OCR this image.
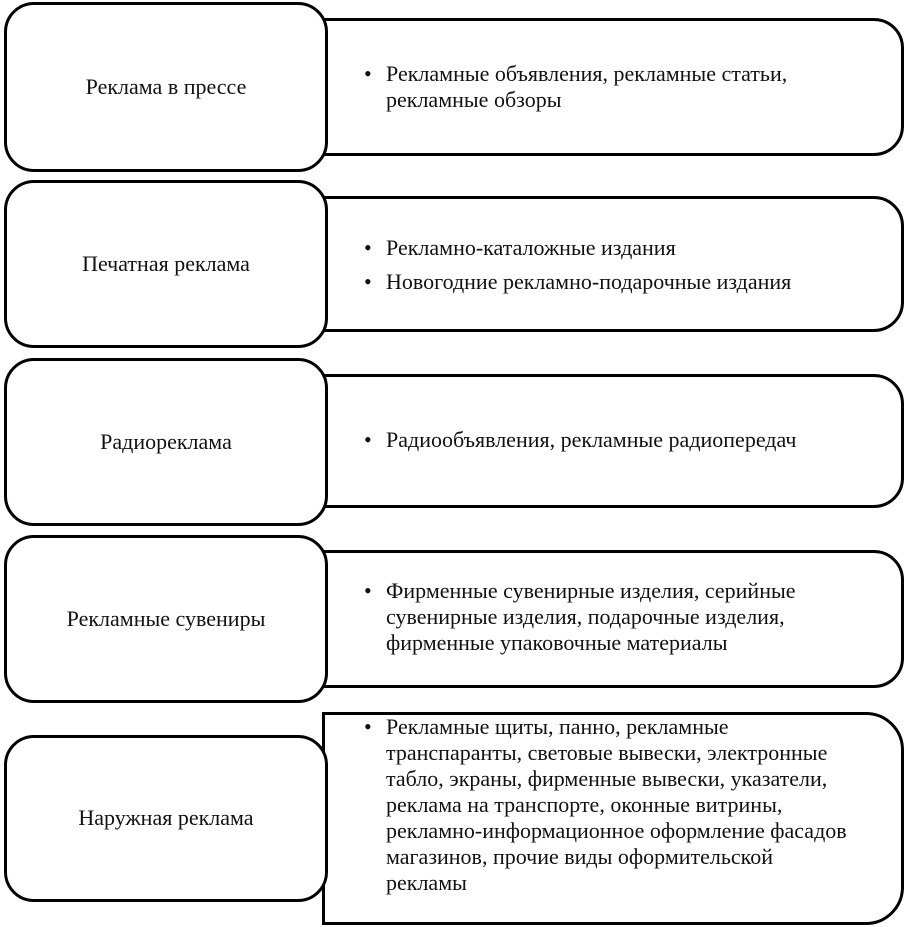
• Рекламные объявления, рекламные статьи, рекламные обзоры
Реклама в прессе
• Рекламно-каталожные издания
• Новогодние рекламно-подарочные издания
Печатная реклама
• Радиообъявления, рекламные радиопередач
Радиореклама
• Фирменные сувенирные изделия, серийные сувенирные изделия, подарочные изделия, фирменные упаковочные материалы
Рекламные сувениры
• Рекламные щиты, панно, рекламные транспаранты, световые вывески, электронные табло, экраны, фирменные вывески, указатели, реклама на транспорте, оконные витрины, рекламно-информационное оформление фасадов магазинов, прочие виды оформительской рекламы
Наружная реклама
